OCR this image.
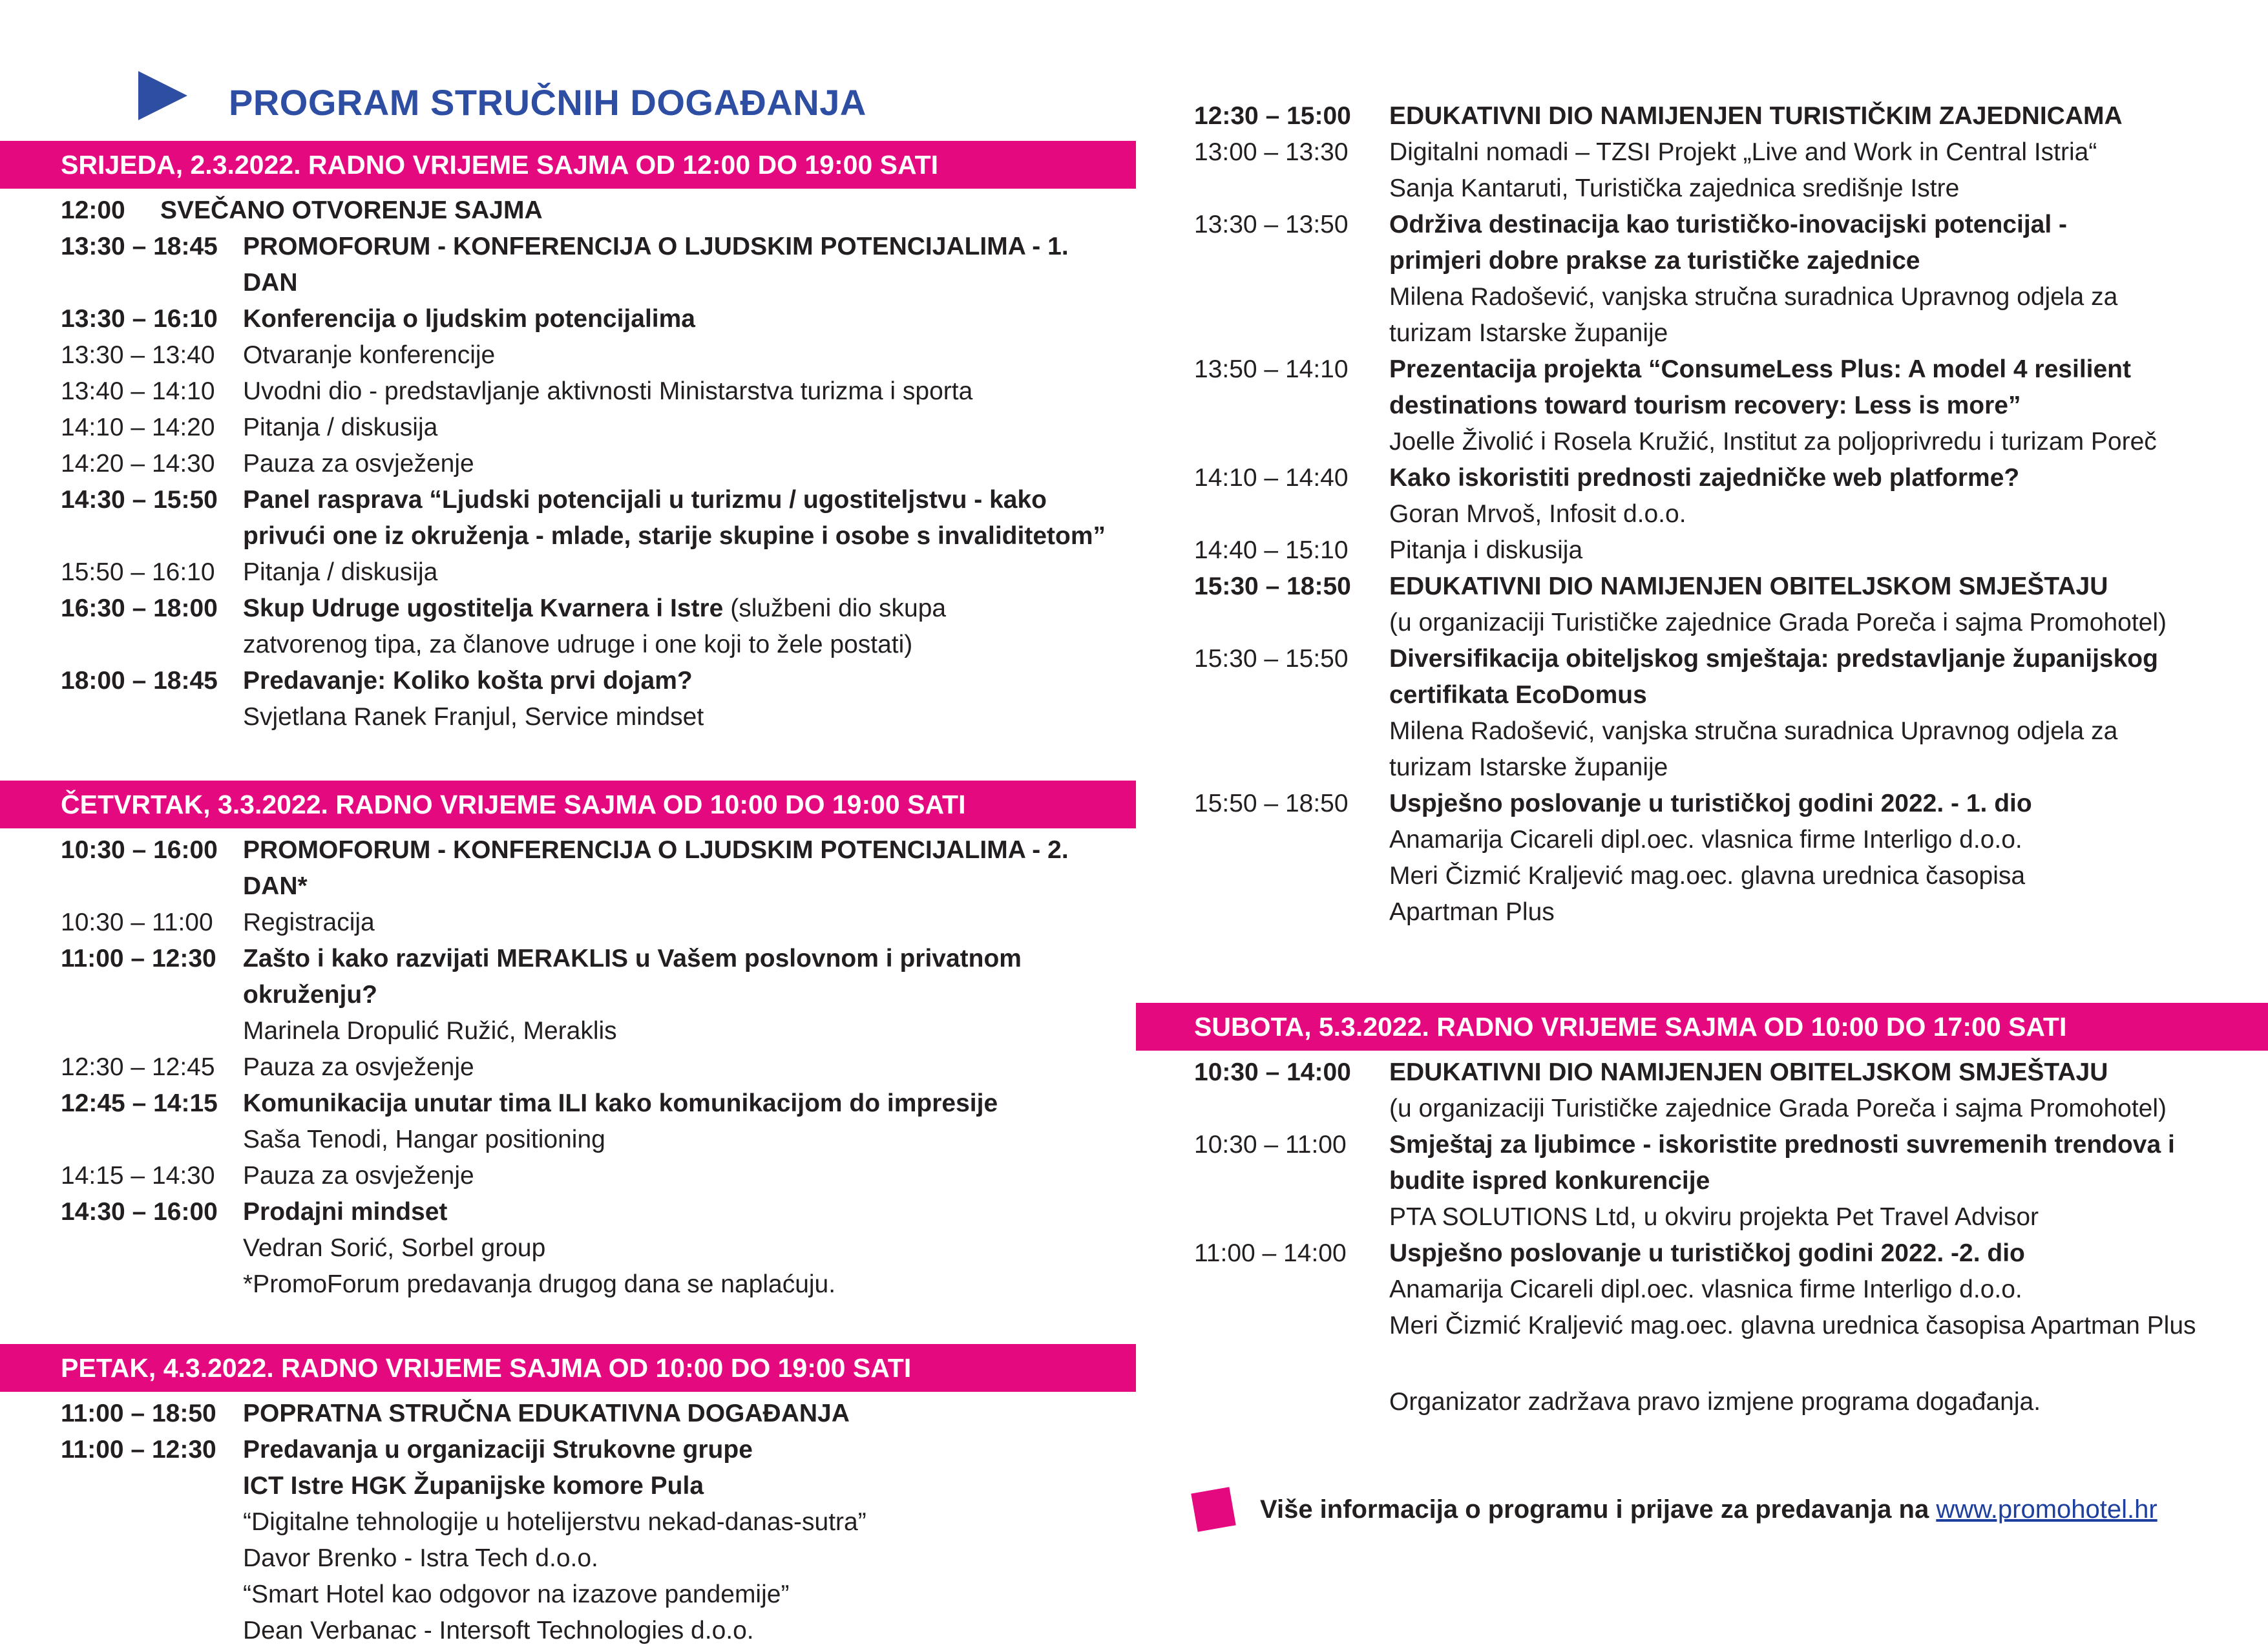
PROGRAM STRUČNIH DOGAĐANJA
SRIJEDA, 2.3.2022. RADNO VRIJEME SAJMA OD 12:00 DO 19:00 SATI
12:00	SVEČANO OTVORENJE SAJMA
13:30 – 18:45	PROMOFORUM - KONFERENCIJA O LJUDSKIM POTENCIJALIMA - 1. DAN
13:30 – 16:10	Konferencija o ljudskim potencijalima
13:30 – 13:40	Otvaranje konferencije
13:40 – 14:10	Uvodni dio - predstavljanje aktivnosti Ministarstva turizma i sporta
14:10 – 14:20	Pitanja / diskusija
14:20 – 14:30	Pauza za osvježenje
14:30 – 15:50	Panel rasprava “Ljudski potencijali u turizmu / ugostiteljstvu - kako
privući one iz okruženja - mlade, starije skupine i osobe s invaliditetom”
15:50 – 16:10	Pitanja / diskusija
16:30 – 18:00	Skup Udruge ugostitelja Kvarnera i Istre (službeni dio skupa
zatvorenog tipa, za članove udruge i one koji to žele postati)
18:00 – 18:45	Predavanje: Koliko košta prvi dojam?
Svjetlana Ranek Franjul, Service mindset
ČETVRTAK, 3.3.2022. RADNO VRIJEME SAJMA OD 10:00 DO 19:00 SATI
10:30 – 16:00	PROMOFORUM - KONFERENCIJA O LJUDSKIM POTENCIJALIMA - 2. DAN*
10:30 – 11:00	Registracija
11:00 – 12:30	Zašto i kako razvijati MERAKLIS u Vašem poslovnom i privatnom okruženju?
Marinela Dropulić Ružić, Meraklis
12:30 – 12:45	Pauza za osvježenje
12:45 – 14:15	Komunikacija unutar tima ILI kako komunikacijom do impresije
Saša Tenodi, Hangar positioning
14:15 – 14:30	Pauza za osvježenje
14:30 – 16:00	Prodajni mindset
Vedran Sorić, Sorbel group
*PromoForum predavanja drugog dana se naplaćuju.
PETAK, 4.3.2022. RADNO VRIJEME SAJMA OD 10:00 DO 19:00 SATI
11:00 – 18:50	POPRATNA STRUČNA EDUKATIVNA DOGAĐANJA
11:00 – 12:30	Predavanja u organizaciji Strukovne grupe
ICT Istre HGK Županijske komore Pula
“Digitalne tehnologije u hotelijerstvu nekad-danas-sutra”
Davor Brenko - Istra Tech d.o.o.
“Smart Hotel kao odgovor na izazove pandemije”
Dean Verbanac - Intersoft Technologies d.o.o.
12:30 – 15:00	EDUKATIVNI DIO NAMIJENJEN TURISTIČKIM ZAJEDNICAMA
13:00 – 13:30	Digitalni nomadi – TZSI Projekt „Live and Work in Central Istria“
Sanja Kantaruti, Turistička zajednica središnje Istre
13:30 – 13:50	Održiva destinacija kao turističko-inovacijski potencijal -
primjeri dobre prakse za turističke zajednice
Milena Radošević, vanjska stručna suradnica Upravnog odjela za
turizam Istarske županije
13:50 – 14:10	Prezentacija projekta “ConsumeLess Plus: A model 4 resilient
destinations toward tourism recovery: Less is more”
Joelle Živolić i Rosela Kružić, Institut za poljoprivredu i turizam Poreč
14:10 – 14:40	Kako iskoristiti prednosti zajedničke web platforme?
Goran Mrvoš, Infosit d.o.o.
14:40 – 15:10	Pitanja i diskusija
15:30 – 18:50	EDUKATIVNI DIO NAMIJENJEN OBITELJSKOM SMJEŠTAJU
(u organizaciji Turističke zajednice Grada Poreča i sajma Promohotel)
15:30 – 15:50	Diversifikacija obiteljskog smještaja: predstavljanje županijskog
certifikata EcoDomus
Milena Radošević, vanjska stručna suradnica Upravnog odjela za
turizam Istarske županije
15:50 – 18:50	Uspješno poslovanje u turističkoj godini 2022. - 1. dio
Anamarija Cicareli dipl.oec. vlasnica firme Interligo d.o.o.
Meri Čizmić Kraljević mag.oec. glavna urednica časopisa
Apartman Plus
SUBOTA, 5.3.2022. RADNO VRIJEME SAJMA OD 10:00 DO 17:00 SATI
10:30 – 14:00	EDUKATIVNI DIO NAMIJENJEN OBITELJSKOM SMJEŠTAJU
(u organizaciji Turističke zajednice Grada Poreča i sajma Promohotel)
10:30 – 11:00	Smještaj za ljubimce - iskoristite prednosti suvremenih trendova i
budite ispred konkurencije
PTA SOLUTIONS Ltd, u okviru projekta Pet Travel Advisor
11:00 – 14:00	Uspješno poslovanje u turističkoj godini 2022. -2. dio
Anamarija Cicareli dipl.oec. vlasnica firme Interligo d.o.o.
Meri Čizmić Kraljević mag.oec. glavna urednica časopisa Apartman Plus
Organizator zadržava pravo izmjene programa događanja.
Više informacija o programu i prijave za predavanja na www.promohotel.hr
